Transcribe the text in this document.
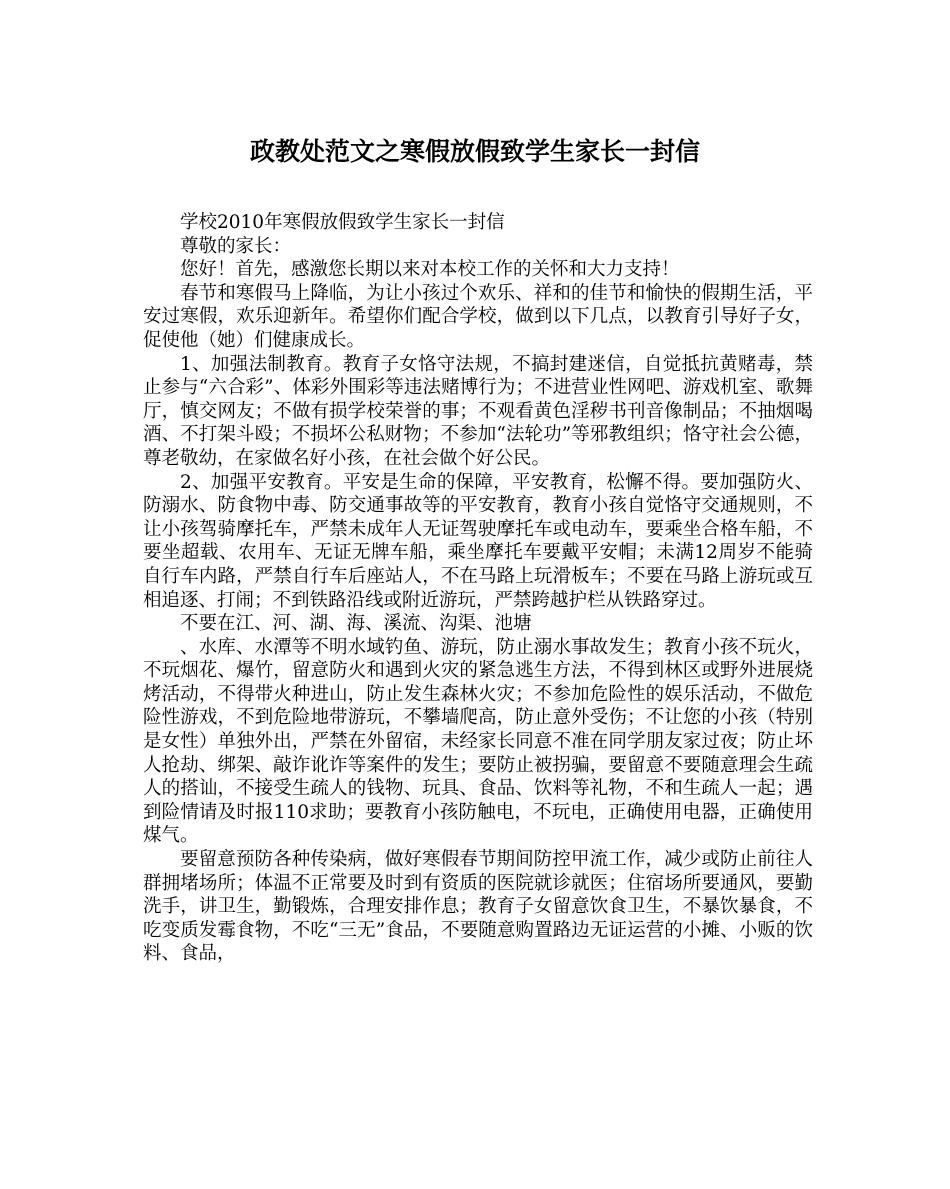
政教处范文之寒假放假致学生家长一封信

学校2010年寒假放假致学生家长一封信

尊敬的家长：

您好！首先，感激您长期以来对本校工作的关怀和大力支持！

春节和寒假马上降临，为让小孩过个欢乐、祥和的佳节和愉快的假期生活，平安过寒假，欢乐迎新年。希望你们配合学校，做到以下几点，以教育引导好子女，促使他（她）们健康成长。

1、加强法制教育。教育子女恪守法规，不搞封建迷信，自觉抵抗黄赌毒，禁止参与“六合彩”、体彩外围彩等违法赌博行为；不进营业性网吧、游戏机室、歌舞厅，慎交网友；不做有损学校荣誉的事；不观看黄色淫秽书刊音像制品；不抽烟喝酒、不打架斗殴；不损坏公私财物；不参加“法轮功”等邪教组织；恪守社会公德，尊老敬幼，在家做名好小孩，在社会做个好公民。

2、加强平安教育。平安是生命的保障，平安教育，松懈不得。要加强防火、防溺水、防食物中毒、防交通事故等的平安教育，教育小孩自觉恪守交通规则，不让小孩驾骑摩托车，严禁未成年人无证驾驶摩托车或电动车，要乘坐合格车船，不要坐超载、农用车、无证无牌车船，乘坐摩托车要戴平安帽；未满12周岁不能骑自行车内路，严禁自行车后座站人，不在马路上玩滑板车；不要在马路上游玩或互相追逐、打闹；不到铁路沿线或附近游玩，严禁跨越护栏从铁路穿过。

不要在江、河、湖、海、溪流、沟渠、池塘

、水库、水潭等不明水域钓鱼、游玩，防止溺水事故发生；教育小孩不玩火，不玩烟花、爆竹，留意防火和遇到火灾的紧急逃生方法，不得到林区或野外进展烧烤活动，不得带火种进山，防止发生森林火灾；不参加危险性的娱乐活动，不做危险性游戏，不到危险地带游玩，不攀墙爬高，防止意外受伤；不让您的小孩（特别是女性）单独外出，严禁在外留宿，未经家长同意不准在同学朋友家过夜；防止坏人抢劫、绑架、敲诈讹诈等案件的发生；要防止被拐骗，要留意不要随意理会生疏人的搭讪，不接受生疏人的钱物、玩具、食品、饮料等礼物，不和生疏人一起；遇到险情请及时报110求助；要教育小孩防触电，不玩电，正确使用电器，正确使用煤气。

要留意预防各种传染病，做好寒假春节期间防控甲流工作，减少或防止前往人群拥堵场所；体温不正常要及时到有资质的医院就诊就医；住宿场所要通风，要勤洗手，讲卫生，勤锻炼，合理安排作息；教育子女留意饮食卫生，不暴饮暴食，不吃变质发霉食物，不吃“三无”食品，不要随意购置路边无证运营的小摊、小贩的饮料、食品，
